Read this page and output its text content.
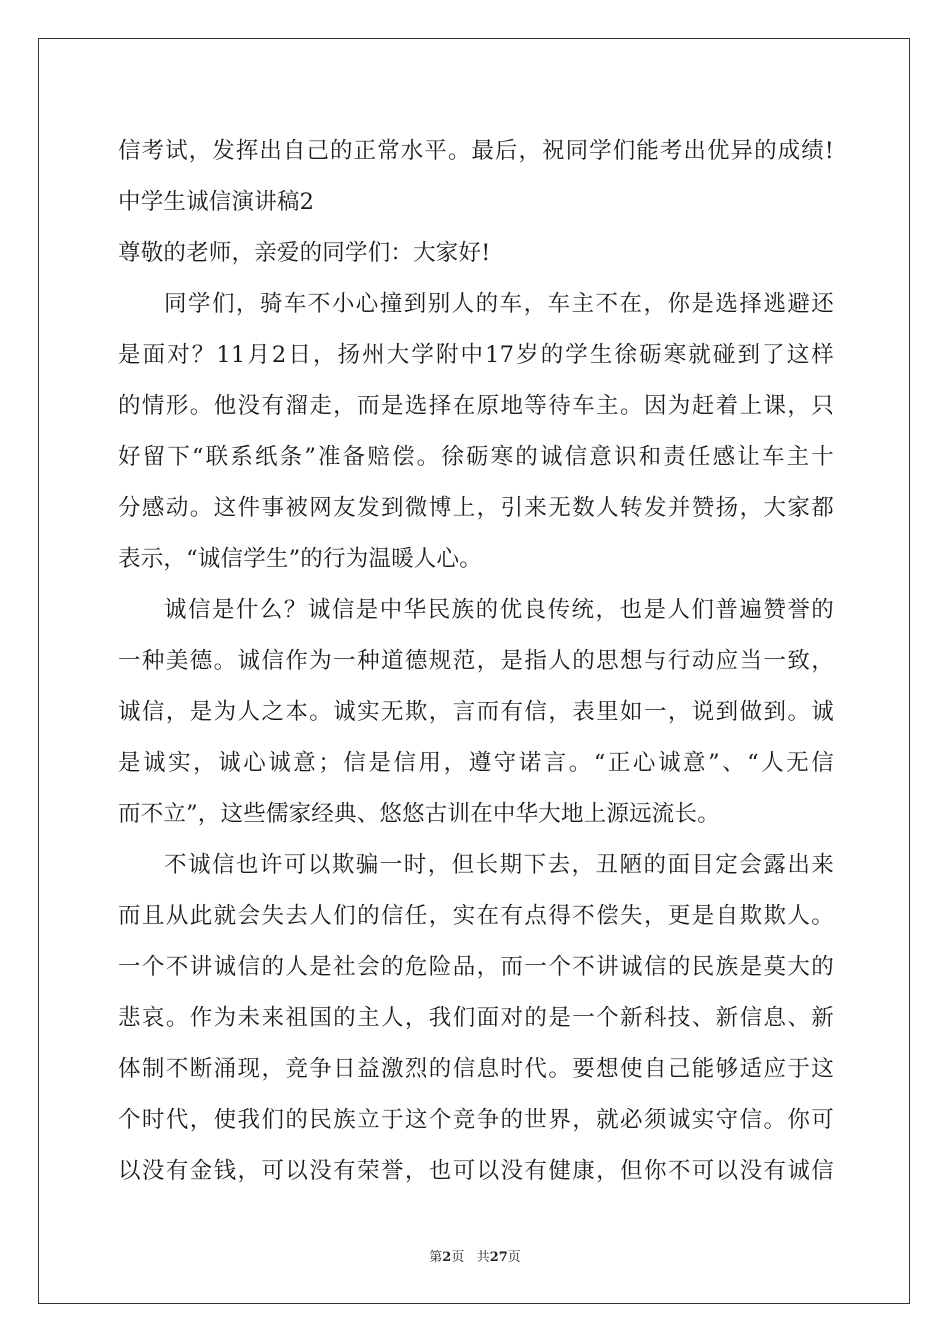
信考试，发挥出自己的正常水平。最后，祝同学们能考出优异的成绩!
中学生诚信演讲稿2
尊敬的老师，亲爱的同学们：大家好!
同学们，骑车不小心撞到别人的车，车主不在，你是选择逃避还
是面对？11月2日，扬州大学附中17岁的学生徐砺寒就碰到了这样
的情形。他没有溜走，而是选择在原地等待车主。因为赶着上课，只
好留下“联系纸条”准备赔偿。徐砺寒的诚信意识和责任感让车主十
分感动。这件事被网友发到微博上，引来无数人转发并赞扬，大家都
表示，“诚信学生”的行为温暖人心。
诚信是什么？诚信是中华民族的优良传统，也是人们普遍赞誉的
一种美德。诚信作为一种道德规范，是指人的思想与行动应当一致，
诚信，是为人之本。诚实无欺，言而有信，表里如一，说到做到。诚
是诚实，诚心诚意；信是信用，遵守诺言。“正心诚意”、“人无信
而不立”，这些儒家经典、悠悠古训在中华大地上源远流长。
不诚信也许可以欺骗一时，但长期下去，丑陋的面目定会露出来
而且从此就会失去人们的信任，实在有点得不偿失，更是自欺欺人。
一个不讲诚信的人是社会的危险品，而一个不讲诚信的民族是莫大的
悲哀。作为未来祖国的主人，我们面对的是一个新科技、新信息、新
体制不断涌现，竞争日益激烈的信息时代。要想使自己能够适应于这
个时代，使我们的民族立于这个竞争的世界，就必须诚实守信。你可
以没有金钱，可以没有荣誉，也可以没有健康，但你不可以没有诚信
第2页 共27页
